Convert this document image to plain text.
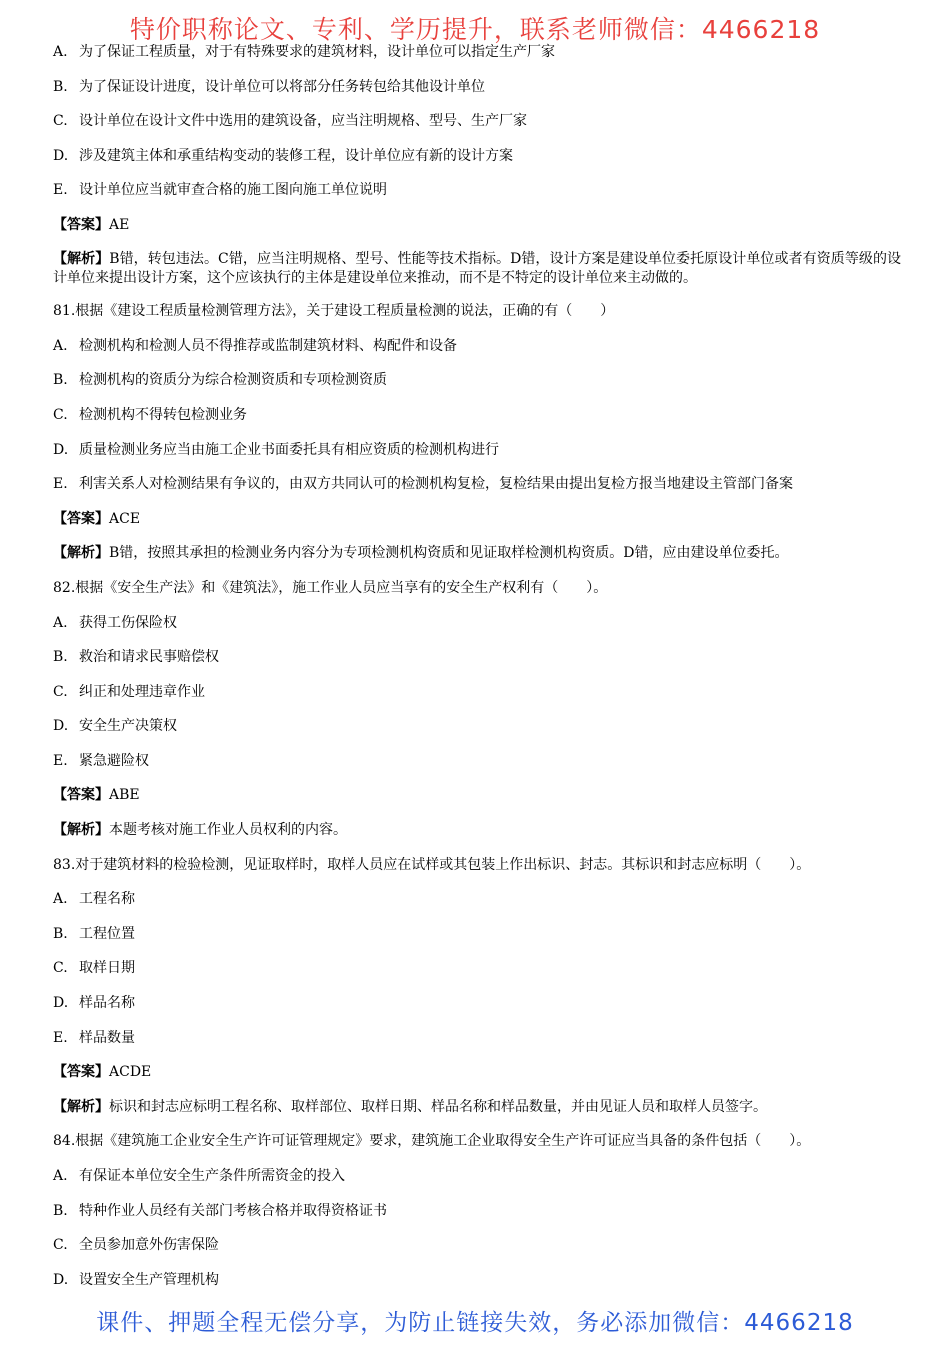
特价职称论文、专利、学历提升，联系老师微信：4466218
A. 为了保证工程质量，对于有特殊要求的建筑材料，设计单位可以指定生产厂家
B. 为了保证设计进度，设计单位可以将部分任务转包给其他设计单位
C. 设计单位在设计文件中选用的建筑设备，应当注明规格、型号、生产厂家
D. 涉及建筑主体和承重结构变动的装修工程，设计单位应有新的设计方案
E. 设计单位应当就审查合格的施工图向施工单位说明
【答案】AE
【解析】B错，转包违法。C错，应当注明规格、型号、性能等技术指标。D错，设计方案是建设单位委托原设计单位或者有资质等级的设计单位来提出设计方案，这个应该执行的主体是建设单位来推动，而不是不特定的设计单位来主动做的。
81.根据《建设工程质量检测管理方法》，关于建设工程质量检测的说法，正确的有（　　）
A. 检测机构和检测人员不得推荐或监制建筑材料、构配件和设备
B. 检测机构的资质分为综合检测资质和专项检测资质
C. 检测机构不得转包检测业务
D. 质量检测业务应当由施工企业书面委托具有相应资质的检测机构进行
E. 利害关系人对检测结果有争议的，由双方共同认可的检测机构复检，复检结果由提出复检方报当地建设主管部门备案
【答案】ACE
【解析】B错，按照其承担的检测业务内容分为专项检测机构资质和见证取样检测机构资质。D错，应由建设单位委托。
82.根据《安全生产法》和《建筑法》，施工作业人员应当享有的安全生产权利有（　　）。
A. 获得工伤保险权
B. 救治和请求民事赔偿权
C. 纠正和处理违章作业
D. 安全生产决策权
E. 紧急避险权
【答案】ABE
【解析】本题考核对施工作业人员权利的内容。
83.对于建筑材料的检验检测，见证取样时，取样人员应在试样或其包装上作出标识、封志。其标识和封志应标明（　　）。
A. 工程名称
B. 工程位置
C. 取样日期
D. 样品名称
E. 样品数量
【答案】ACDE
【解析】标识和封志应标明工程名称、取样部位、取样日期、样品名称和样品数量，并由见证人员和取样人员签字。
84.根据《建筑施工企业安全生产许可证管理规定》要求，建筑施工企业取得安全生产许可证应当具备的条件包括（　　）。
A. 有保证本单位安全生产条件所需资金的投入
B. 特种作业人员经有关部门考核合格并取得资格证书
C. 全员参加意外伤害保险
D. 设置安全生产管理机构
课件、押题全程无偿分享，为防止链接失效，务必添加微信：4466218
